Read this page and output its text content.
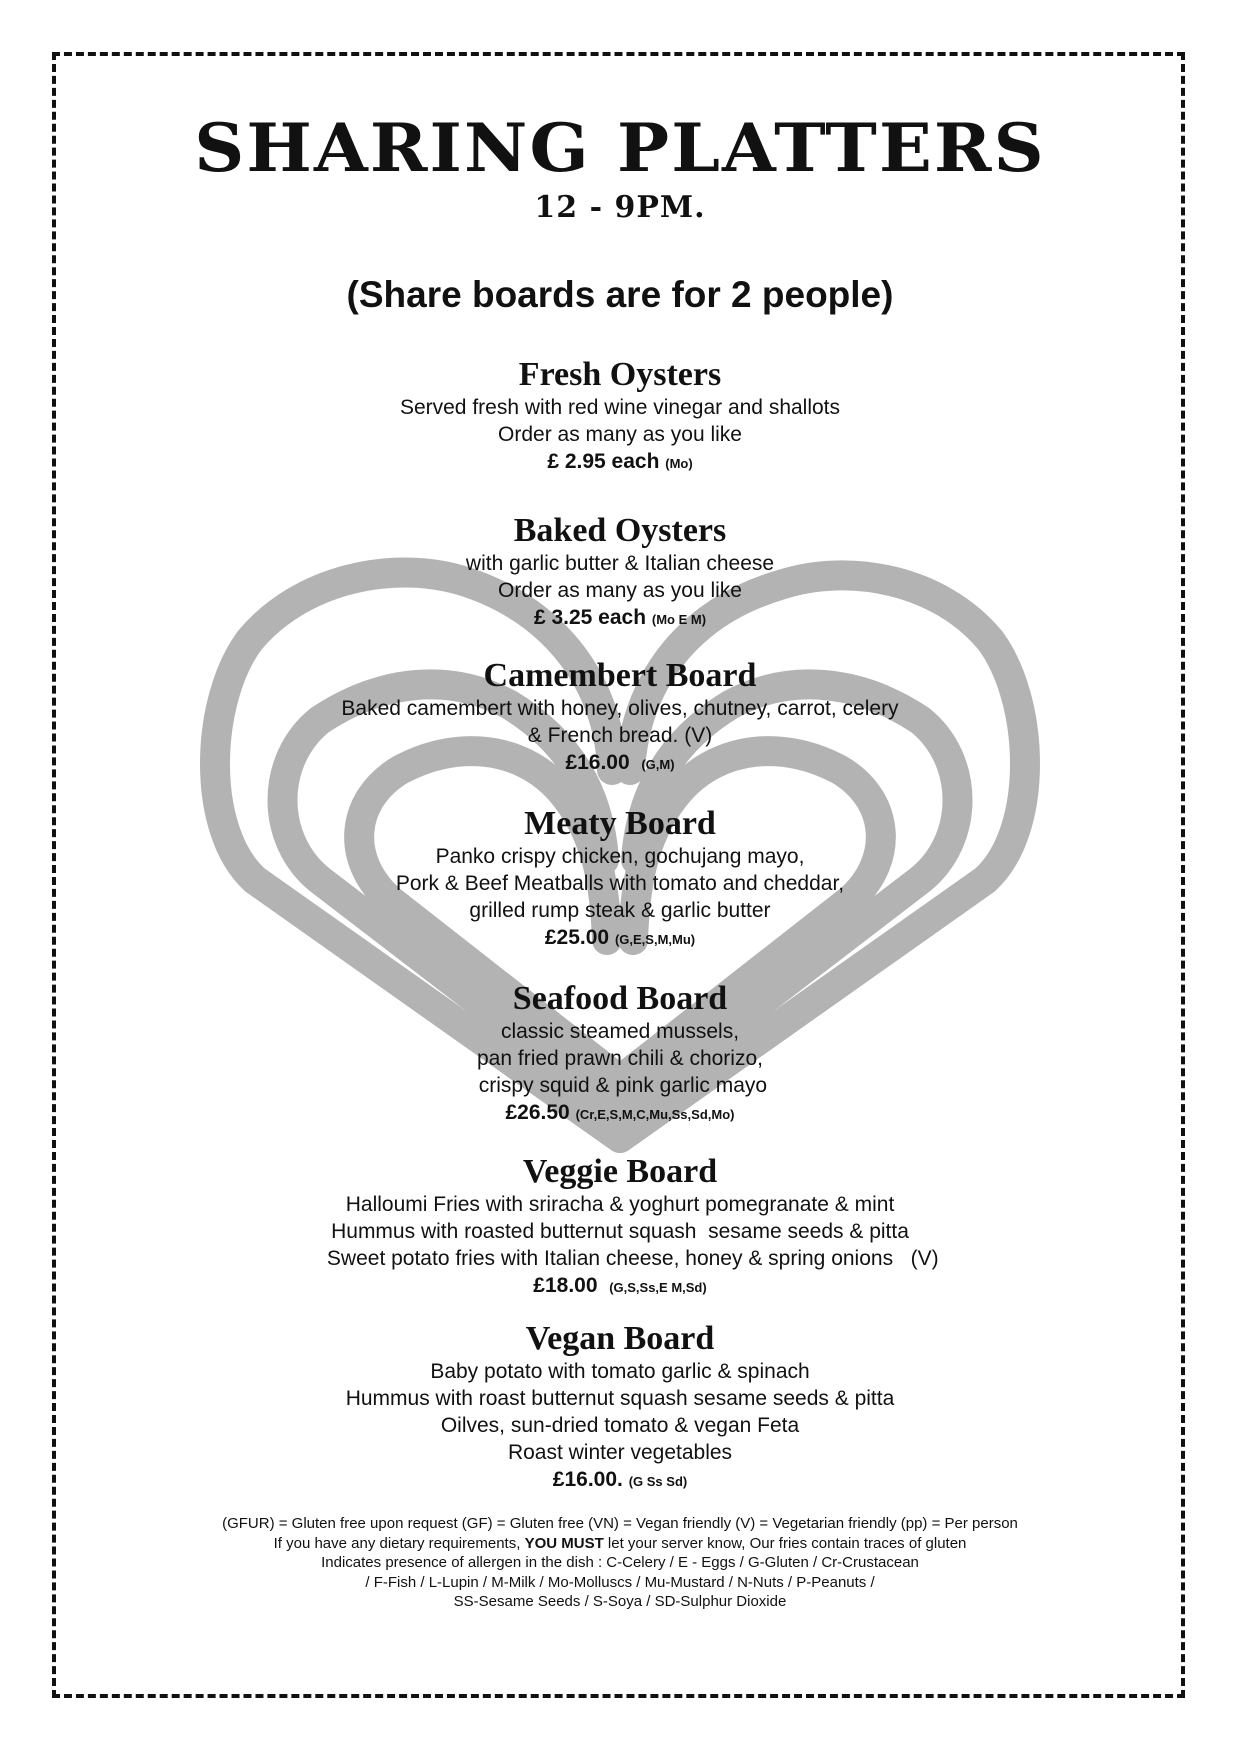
SHARING PLATTERS
12 - 9PM.
(Share boards are for 2 people)
Fresh Oysters
Served fresh with red wine vinegar and shallots
Order as many as you like
£ 2.95 each (Mo)
Baked Oysters
with garlic butter & Italian cheese
Order as many as you like
£ 3.25 each (Mo E M)
Camembert Board
Baked camembert with honey, olives, chutney, carrot, celery
& French bread. (V)
£16.00 (G,M)
Meaty Board
Panko crispy chicken, gochujang mayo,
Pork & Beef Meatballs with tomato and cheddar,
grilled rump steak & garlic butter
£25.00 (G,E,S,M,Mu)
Seafood Board
classic steamed mussels,
pan fried prawn chili & chorizo,
crispy squid & pink garlic mayo
£26.50 (Cr,E,S,M,C,Mu,Ss,Sd,Mo)
Veggie Board
Halloumi Fries with sriracha & yoghurt pomegranate & mint
Hummus with roasted butternut squash  sesame seeds & pitta
Sweet potato fries with Italian cheese, honey & spring onions   (V)
£18.00 (G,S,Ss,E M,Sd)
Vegan Board
Baby potato with tomato garlic & spinach
Hummus with roast butternut squash sesame seeds & pitta
Oilves, sun-dried tomato & vegan Feta
Roast winter vegetables
£16.00. (G Ss Sd)
(GFUR) = Gluten free upon request (GF) = Gluten free (VN) = Vegan friendly (V) = Vegetarian friendly (pp) = Per person
If you have any dietary requirements, YOU MUST let your server know, Our fries contain traces of gluten
Indicates presence of allergen in the dish : C-Celery / E - Eggs / G-Gluten / Cr-Crustacean
/ F-Fish / L-Lupin / M-Milk / Mo-Molluscs / Mu-Mustard / N-Nuts / P-Peanuts /
SS-Sesame Seeds / S-Soya / SD-Sulphur Dioxide
